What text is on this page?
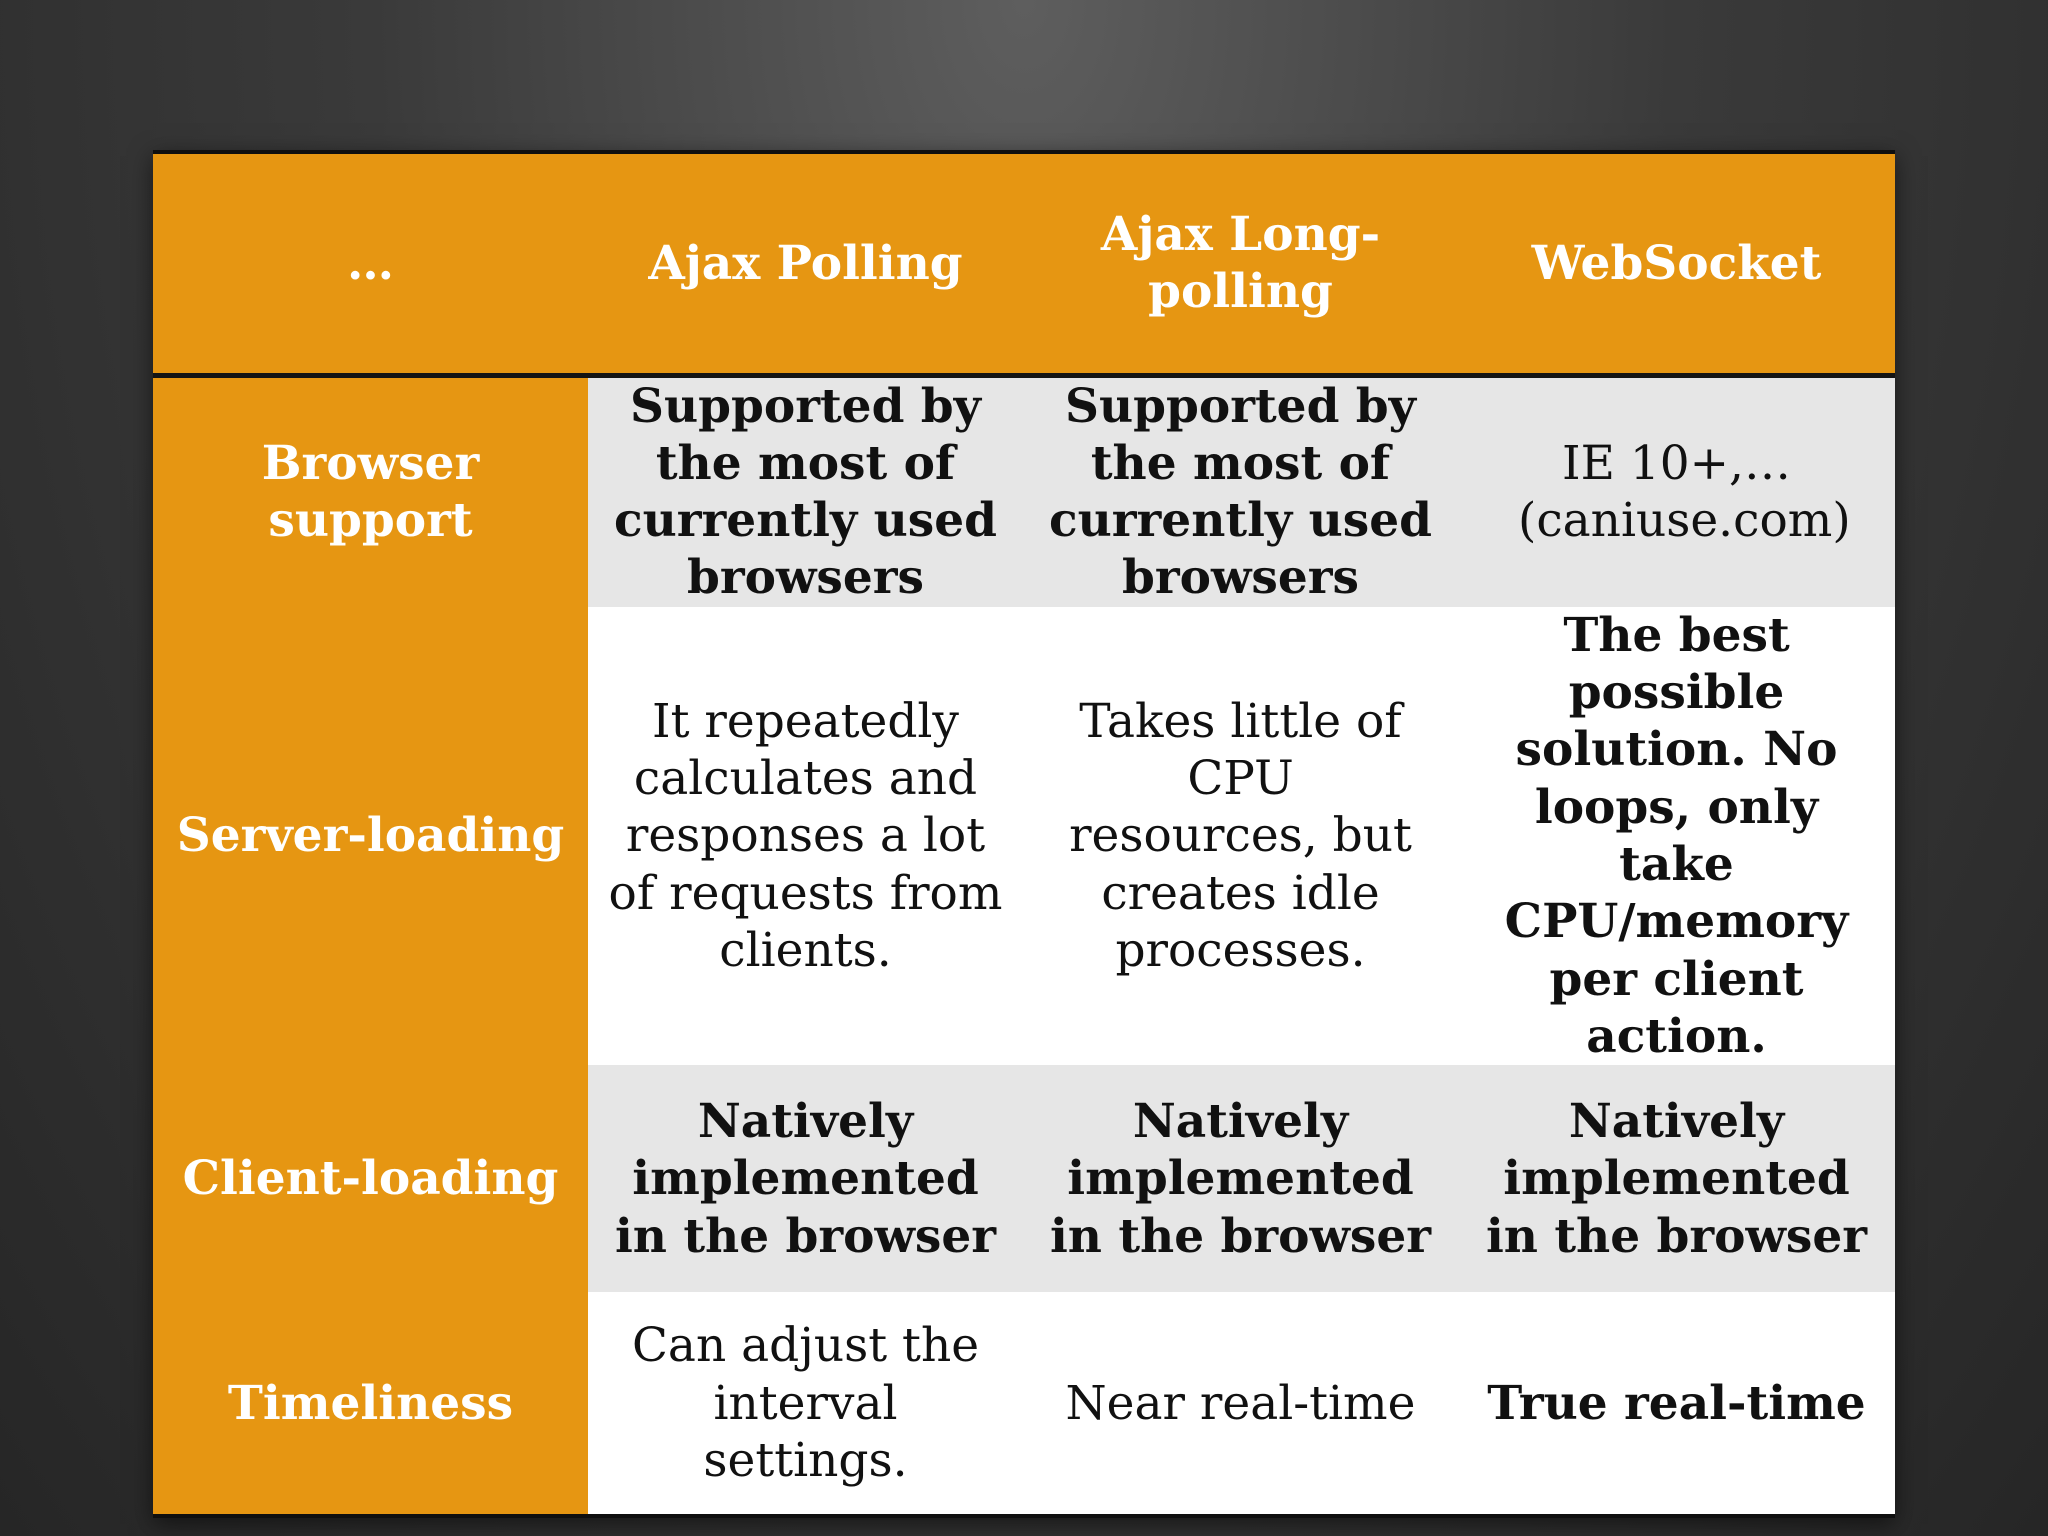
…	Ajax Polling	Ajax Long-polling	WebSocket
Browser support	Supported by the most of currently used browsers	Supported by the most of currently used browsers	IE 10+,… (caniuse.com)
Server-loading	It repeatedly calculates and responses a lot of requests from clients.	Takes little of CPU resources, but creates idle processes.	The best possible solution. No loops, only take CPU/memory per client action.
Client-loading	Natively implemented in the browser	Natively implemented in the browser	Natively implemented in the browser
Timeliness	Can adjust the interval settings.	Near real-time	True real-time
